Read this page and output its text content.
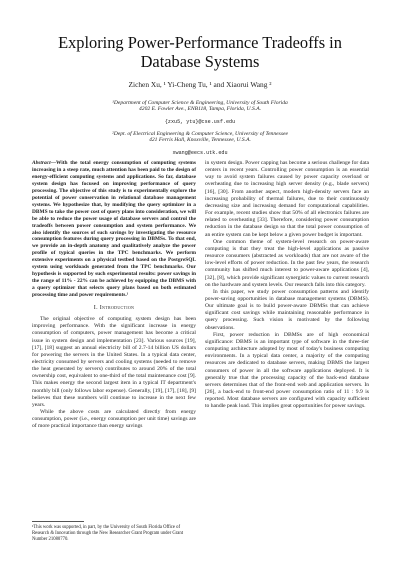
Exploring Power-Performance Tradeoffs in
Database Systems
Zichen Xu, ¹ Yi-Cheng Tu, ¹ and Xiaorui Wang ²

¹Department of Computer Science & Engineering, University of South Florida
4202 E. Fowler Ave., ENB118, Tampa, Florida, U.S.A.

{zxu5, ytu}@cse.usf.edu

²Dept. of Electrical Engineering & Computer Science, University of Tennessee
421 Ferris Hall, Knoxville, Tennessee, U.S.A.

xwang@eecs.utk.edu

Abstract—With the total energy consumption of computing systems increasing in a steep rate, much attention has been paid to the design of energy-efficient computing systems and applications. So far, database system design has focused on improving performance of query processing. The objective of this study is to experimentally explore the potential of power conservation in relational database management systems. We hypothesize that, by modifying the query optimizer in a DBMS to take the power cost of query plans into consideration, we will be able to reduce the power usage of database servers and control the tradeoffs between power consumption and system performance. We also identify the sources of such savings by investigating the resource consumption features during query processing in DBMSs. To that end, we provide an in-depth anatomy and qualitatively analyze the power profile of typical queries in the TPC benchmarks. We perform extensive experiments on a physical testbed based on the PostgreSQL system using workloads generated from the TPC benchmarks. Our hypothesis is supported by such experimental results: power savings in the range of 11% - 22% can be achieved by equipping the DBMS with a query optimizer that selects query plans based on both estimated processing time and power requirements.¹

I. Introduction

The original objective of computing system design has been improving performance. With the significant increase in energy consumption of computers, power management has become a critical issue in system design and implementation [23]. Various sources [19], [17], [18] suggest an annual electricity bill of 2.7-14 billion US dollars for powering the servers in the United States. In a typical data center, electricity consumed by servers and cooling systems (needed to remove the heat generated by servers) contributes to around 20% of the total ownership cost, equivalent to one-third of the total maintenance cost [9]. This makes energy the second largest item in a typical IT department's monthly bill (only follows labor expense). Generally, [19], [17], [18], [9] believes that these numbers will continue to increase in the next few years.

While the above costs are calculated directly from energy consumption, power (i.e., energy consumption per unit time) savings are of more practical importance than energy savings

in system design. Power capping has become a serious challenge for data centers in recent years. Controlling power consumption is an essential way to avoid system failures caused by power capacity overload or overheating due to increasing high server density (e.g., blade servers) [16], [30]. From another aspect, modern high-density servers face an increasing probability of thermal failures, due to their continuously decreasing size and increasing demand for computational capabilities. For example, recent studies show that 50% of all electronics failures are related to overheating [33]. Therefore, considering power consumption reduction in the database design so that the total power consumption of an entire system can be kept below a given power budget is important.

One common theme of system-level research on power-aware computing is that they treat the high-level applications as passive resource consumers (abstracted as workloads) that are not aware of the low-level efforts of power reduction. In the past few years, the research community has shifted much interest to power-aware applications [4], [32], [8], which provide significant synergistic values to current research on the hardware and system levels. Our research falls into this category.

In this paper, we study power consumption patterns and identify power-saving opportunities in database management systems (DBMS). Our ultimate goal is to build power-aware DBMSs that can achieve significant cost savings while maintaining reasonable performance in query processing. Such vision is motivated by the following observations.

First, power reduction in DBMSs are of high economical significance: DBMS is an important type of software in the three-tier computing architecture adopted by most of today's business computing environments. In a typical data center, a majority of the computing resources are dedicated to database servers, making DBMS the largest consumers of power in all the software applications deployed. It is generally true that the processing capacity of the back-end database servers determines that of the front-end web and application servers. In [26], a back-end to front-end power consumption ratio of 11 : 9.9 is reported. Most database servers are configured with capacity sufficient to handle peak load. This implies great opportunities for power savings.

¹This work was supported, in part, by the University of South Florida Office of Research & Innovation through the New Researcher Grant Program under Grant Number 21080770.
